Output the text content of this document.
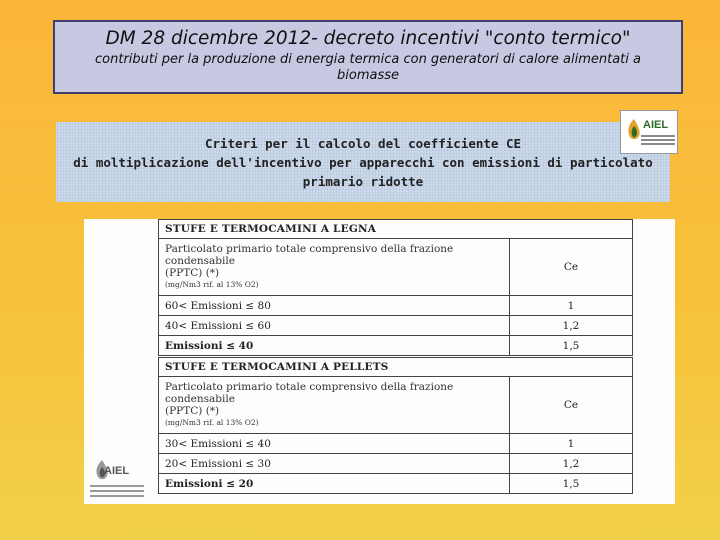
DM 28 dicembre 2012- decreto incentivi "conto termico"
contributi per la produzione di energia termica con generatori di calore alimentati a biomasse
Criteri per il calcolo del coefficiente CE
di moltiplicazione dell'incentivo per apparecchi con emissioni di particolato
primario ridotte
AIEL
STUFE E TERMOCAMINI A LEGNA	

Particolato primario totale comprensivo della frazione condensabile
(PPTC) (*)
(mg/Nm3 rif. al 13% O2)	Ce
60< Emissioni ≤ 80	1
40< Emissioni ≤ 60	1,2
Emissioni ≤ 40	1,5
STUFE E TERMOCAMINI A PELLETS	

Particolato primario totale comprensivo della frazione condensabile
(PPTC) (*)
(mg/Nm3 rif. al 13% O2)	Ce
30< Emissioni ≤ 40	1
20< Emissioni ≤ 30	1,2
Emissioni ≤ 20	1,5
AIEL
